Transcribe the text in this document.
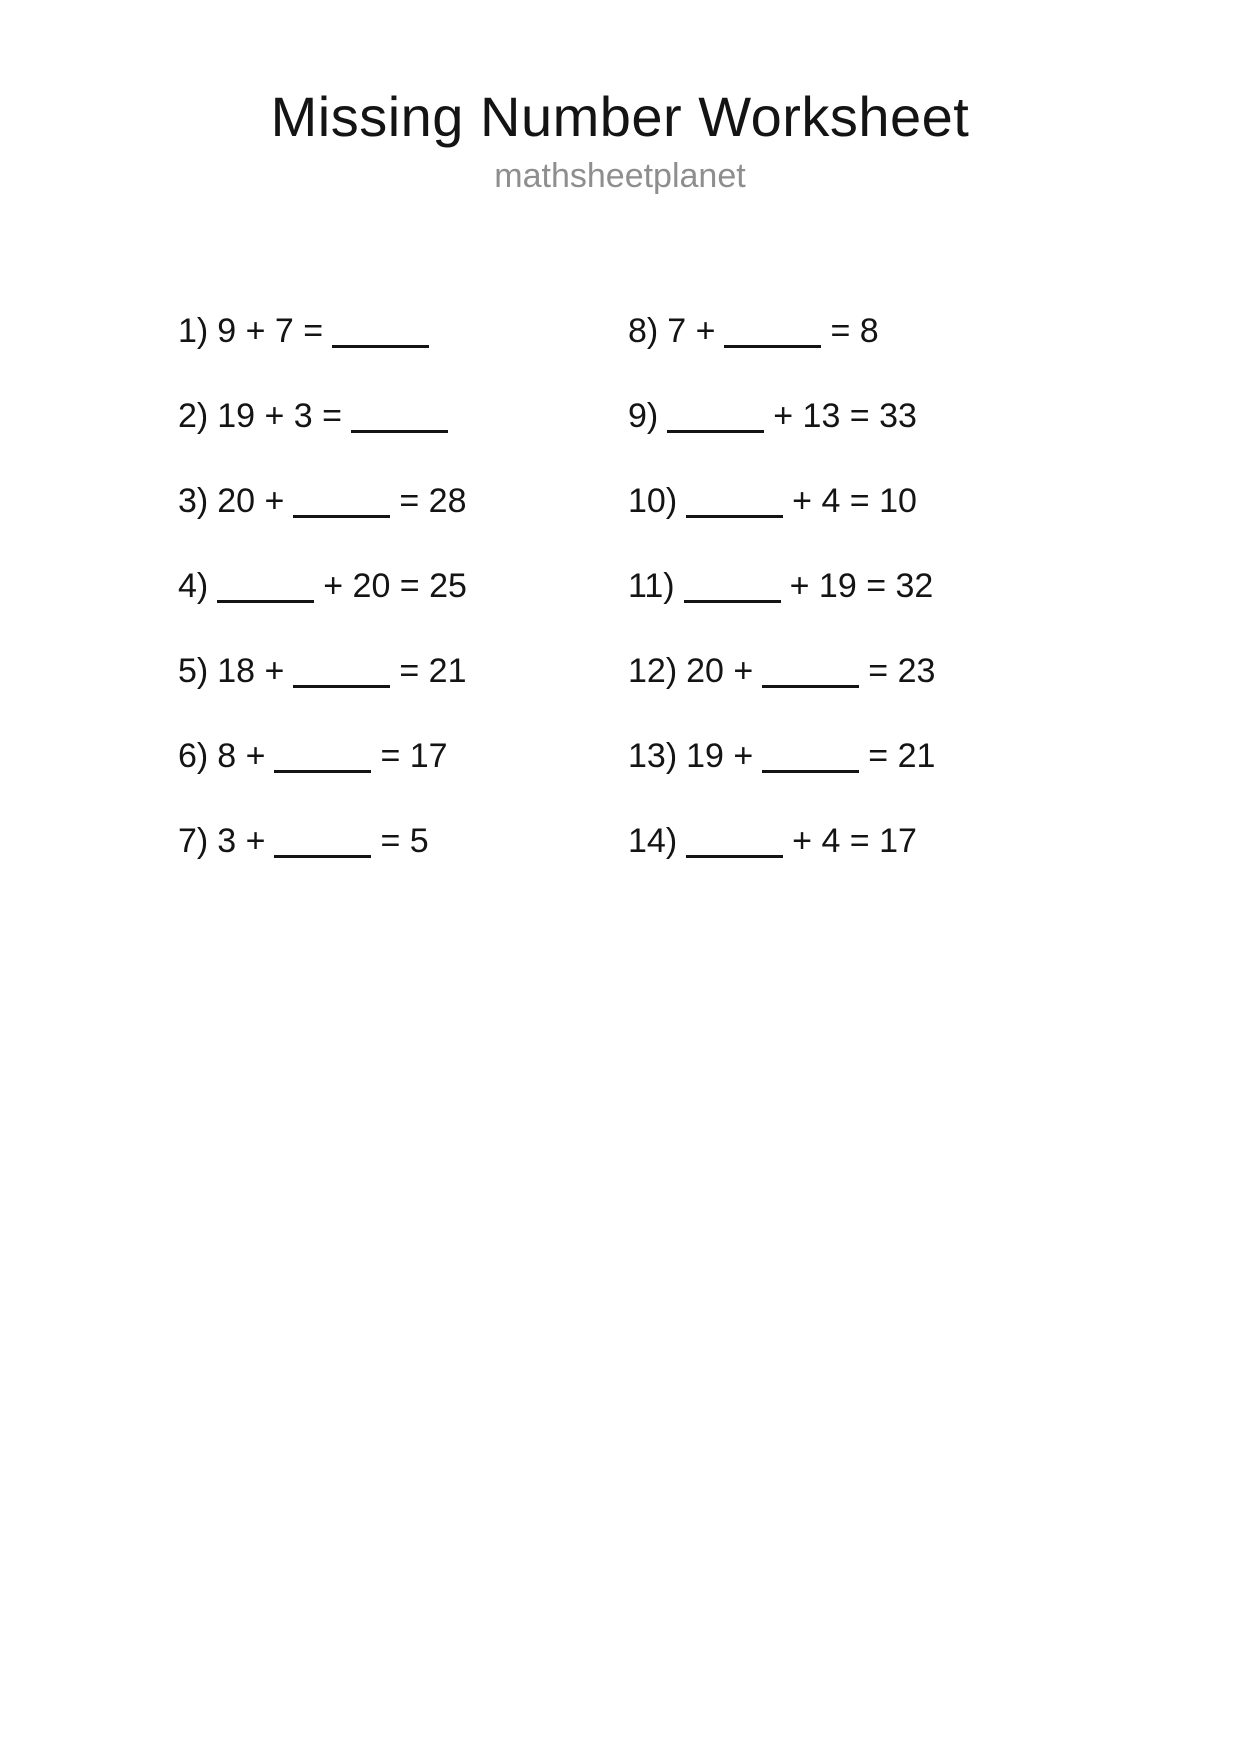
Missing Number Worksheet
mathsheetplanet
1) 9 + 7 =
2) 19 + 3 =
3) 20 +	= 28
4)	+ 20 = 25
5) 18 +	= 21
6) 8 +	= 17
7) 3 +	= 5
8) 7 +	= 8
9)	+ 13 = 33
10)	+ 4 = 10
11)	+ 19 = 32
12) 20 +	= 23
13) 19 +	= 21
14)	+ 4 = 17
